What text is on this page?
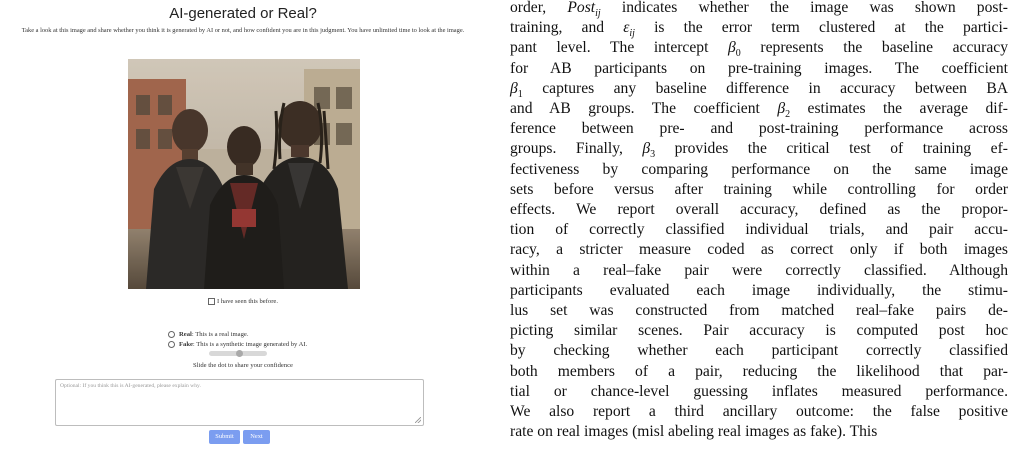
AI-generated or Real?
Take a look at this image and share whether you think it is generated by AI or not, and how confident you are in this judgment. You have unlimited time to look at the image.
I have seen this before.
Real: This is a real image.
Fake: This is a synthetic image generated by AI.
Slide the dot to share your confidence
Optional: If you think this is AI-generated, please explain why.
Submit	Next
order, Post$_{ij}$ indicates whether the image was shown post-
training, and $\varepsilon_{ij}$ is the error term clustered at the partici-
pant level. The intercept $\beta_0$ represents the baseline accuracy
for AB participants on pre-training images. The coefficient
$\beta_1$ captures any baseline difference in accuracy between BA
and AB groups. The coefficient $\beta_2$ estimates the average dif-
ference between pre- and post-training performance across
groups. Finally, $\beta_3$ provides the critical test of training ef-
fectiveness by comparing performance on the same image
sets before versus after training while controlling for order
effects. We report overall accuracy, defined as the propor-
tion of correctly classified individual trials, and pair accu-
racy, a stricter measure coded as correct only if both images
within a real–fake pair were correctly classified. Although
participants evaluated each image individually, the stimu-
lus set was constructed from matched real–fake pairs de-
picting similar scenes. Pair accuracy is computed post hoc
by checking whether each participant correctly classified
both members of a pair, reducing the likelihood that par-
tial or chance-level guessing inflates measured performance.
We also report a third ancillary outcome: the false positive
rate on real images (misl abeling real images as fake). This
